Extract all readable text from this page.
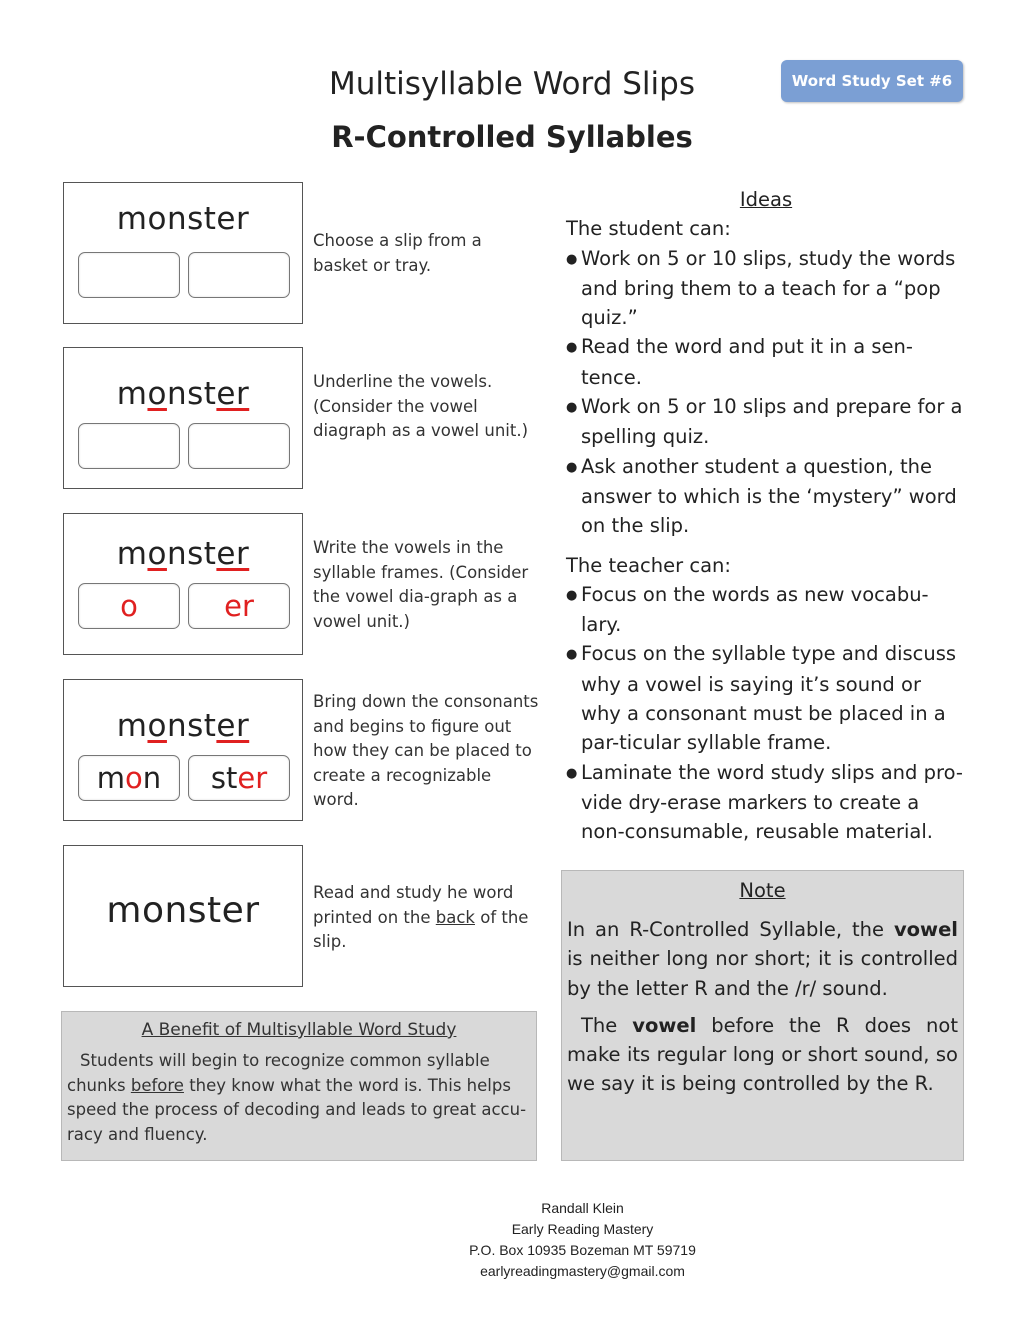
Multisyllable Word Slips
R-Controlled Syllables
Word Study Set #6
monster
Choose a slip from a basket or tray.
monster	Underline the vowels. (Consider the vowel diagraph as a vowel unit.)
monster
o	er
Write the vowels in the syllable frames. (Consider the vowel dia-graph as a vowel unit.)
monster
mon	ster
Bring down the consonants and begins to figure out how they can be placed to create a recognizable word.
monster	Read and study he word printed on the back of the slip.
Ideas
The student can:
● Work on 5 or 10 slips, study the words and bring them to a teach for a “pop quiz.”
● Read the word and put it in a sen-tence.
● Work on 5 or 10 slips and prepare for a spelling quiz.
● Ask another student a question, the answer to which is the ‘mystery” word on the slip.
The teacher can:
● Focus on the words as new vocabu-lary.
● Focus on the syllable type and discuss why a vowel is saying it’s sound or why a consonant must be placed in a par-ticular syllable frame.
● Laminate the word study slips and pro-vide dry-erase markers to create a non-consumable, reusable material.
A Benefit of Multisyllable Word Study
Students will begin to recognize common syllable chunks before they know what the word is. This helps speed the process of decoding and leads to great accu-racy and fluency.
Note
In an R-Controlled Syllable, the vowel is neither long nor short; it is controlled by the letter R and the /r/ sound.
The vowel before the R does not make its regular long or short sound, so we say it is being controlled by the R.
Randall Klein
Early Reading Mastery
P.O. Box 10935 Bozeman MT 59719
earlyreadingmastery@gmail.com
